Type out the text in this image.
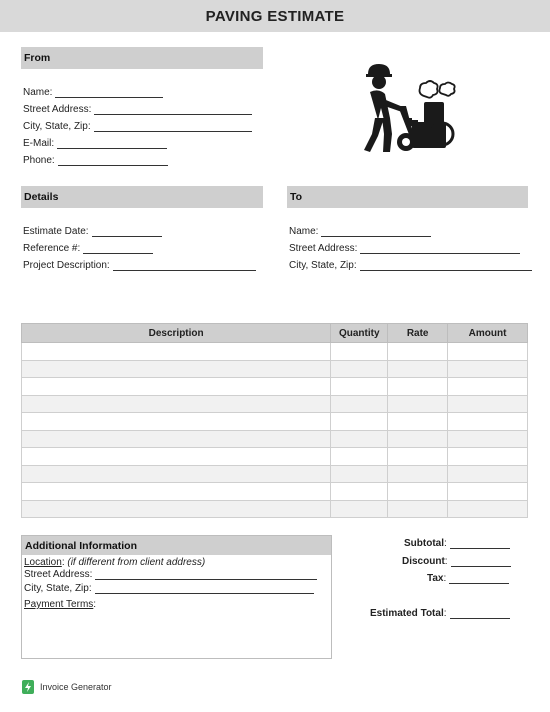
PAVING ESTIMATE
From
Name:
Street Address:
City, State, Zip:
E-Mail:
Phone:
Details
Estimate Date:
Reference #:
Project Description:
To
Name:
Street Address:
City, State, Zip:
Description	Quantity	Rate	Amount

Additional Information
Location : (if different from client address)
Street Address:
City, State, Zip:
Payment Terms :
Subtotal :
Discount :
Tax :
Estimated Total :
Invoice Generator
